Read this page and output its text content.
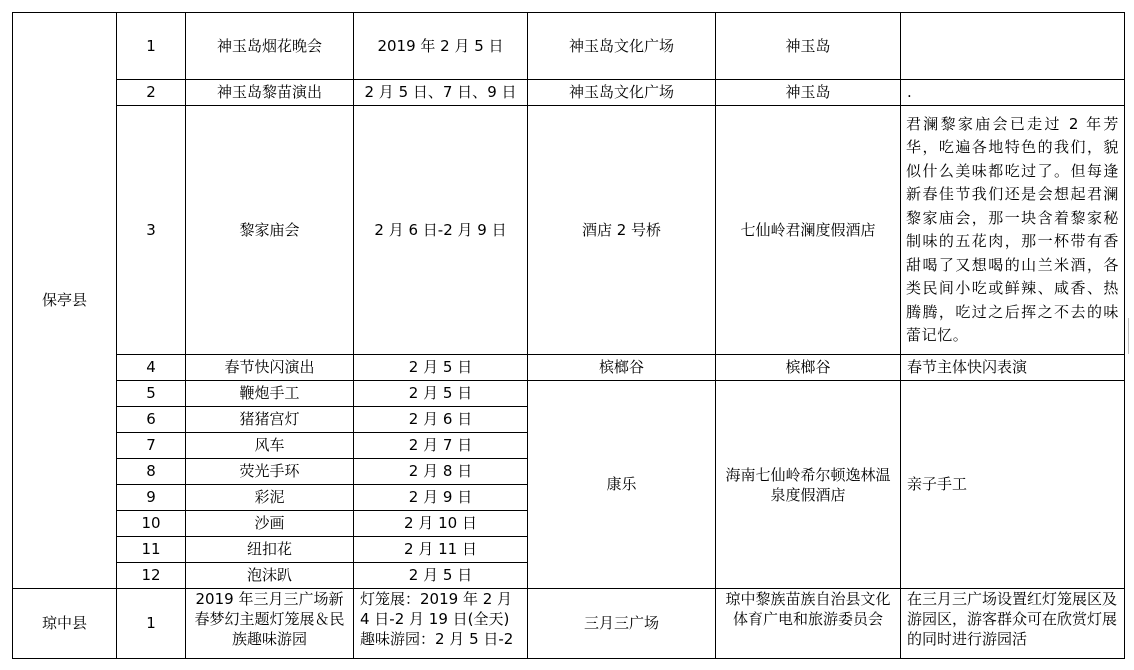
保亭县	1	神玉岛烟花晚会	2019 年 2 月 5 日	神玉岛文化广场	神玉岛	
	2	神玉岛黎苗演出	2 月 5 日、7 日、9 日	神玉岛文化广场	神玉岛	.
	3	黎家庙会	2 月 6 日-2 月 9 日	酒店 2 号桥	七仙岭君澜度假酒店	君澜黎家庙会已走过 2 年芳华，吃遍各地特色的我们，貌似什么美味都吃过了。但每逢新春佳节我们还是会想起君澜黎家庙会，那一块含着黎家秘制味的五花肉，那一杯带有香甜喝了又想喝的山兰米酒，各类民间小吃或鲜辣、咸香、热腾腾，吃过之后挥之不去的味蕾记忆。
	4	春节快闪演出	2 月 5 日	槟榔谷	槟榔谷	春节主体快闪表演
	5	鞭炮手工	2 月 5 日	康乐	海南七仙岭希尔顿逸林温泉度假酒店	亲子手工
	6	猪猪宫灯	2 月 6 日			
	7	风车	2 月 7 日			
	8	荧光手环	2 月 8 日			
	9	彩泥	2 月 9 日			
	10	沙画	2 月 10 日			
	11	纽扣花	2 月 11 日			
	12	泡沫趴	2 月 5 日			
琼中县	1	2019 年三月三广场新春梦幻主题灯笼展＆民族趣味游园	灯笼展：2019 年 2 月 4 日-2 月 19 日(全天) 趣味游园：2 月 5 日-2	三月三广场	琼中黎族苗族自治县文化体育广电和旅游委员会	在三月三广场设置红灯笼展区及游园区，游客群众可在欣赏灯展的同时进行游园活
